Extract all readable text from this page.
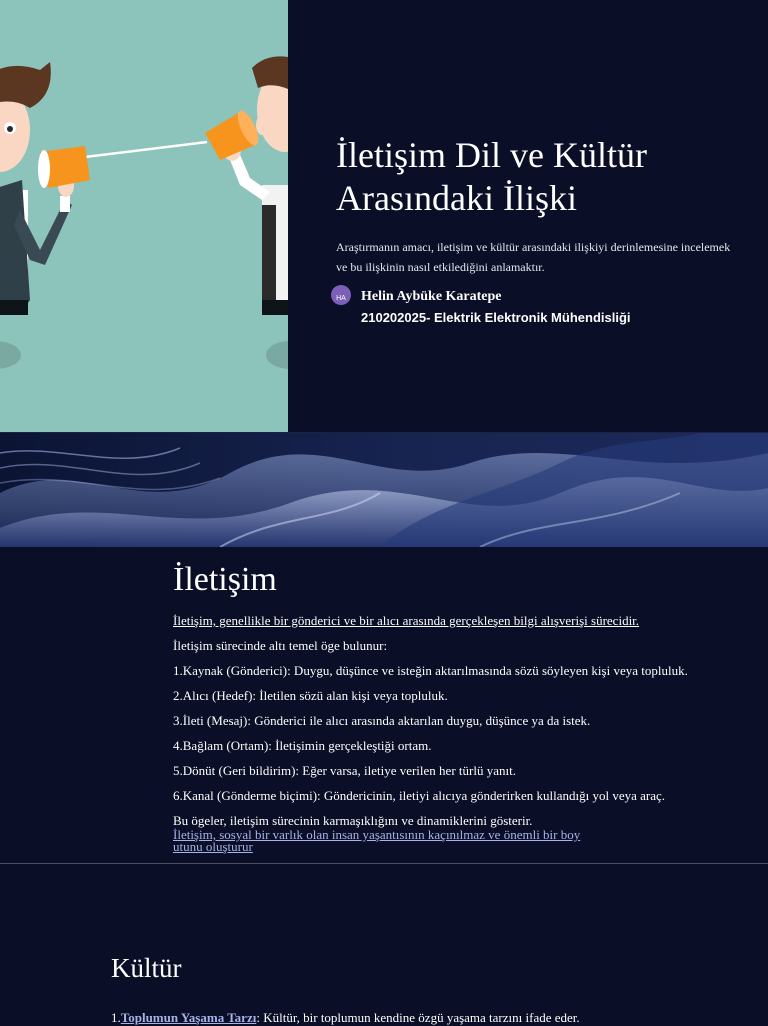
İletişim Dil ve Kültür
Arasındaki İlişki
Araştırmanın amacı, iletişim ve kültür arasındaki ilişkiyi derinlemesine incelemek ve bu ilişkinin nasıl etkilediğini anlamaktır.
HA	Helin Aybüke Karatepe
210202025- Elektrik Elektronik Mühendisliği
İletişim

İletişim, genellikle bir gönderici ve bir alıcı arasında gerçekleşen bilgi alışverişi sürecidir.

İletişim sürecinde altı temel öge bulunur:

1.Kaynak (Gönderici): Duygu, düşünce ve isteğin aktarılmasında sözü söyleyen kişi veya topluluk.
2.Alıcı (Hedef): İletilen sözü alan kişi veya topluluk.
3.İleti (Mesaj): Gönderici ile alıcı arasında aktarılan duygu, düşünce ya da istek.
4.Bağlam (Ortam): İletişimin gerçekleştiği ortam.
5.Dönüt (Geri bildirim): Eğer varsa, iletiye verilen her türlü yanıt.
6.Kanal (Gönderme biçimi): Göndericinin, iletiyi alıcıya gönderirken kullandığı yol veya araç.

Bu ögeler, iletişim sürecinin karmaşıklığını ve dinamiklerini gösterir.

İletişim, sosyal bir varlık olan insan yaşantısının kaçınılmaz ve önemli bir boy utunu oluşturur
Kültür
1.Toplumun Yaşama Tarzı: Kültür, bir toplumun kendine özgü yaşama tarzını ifade eder.
